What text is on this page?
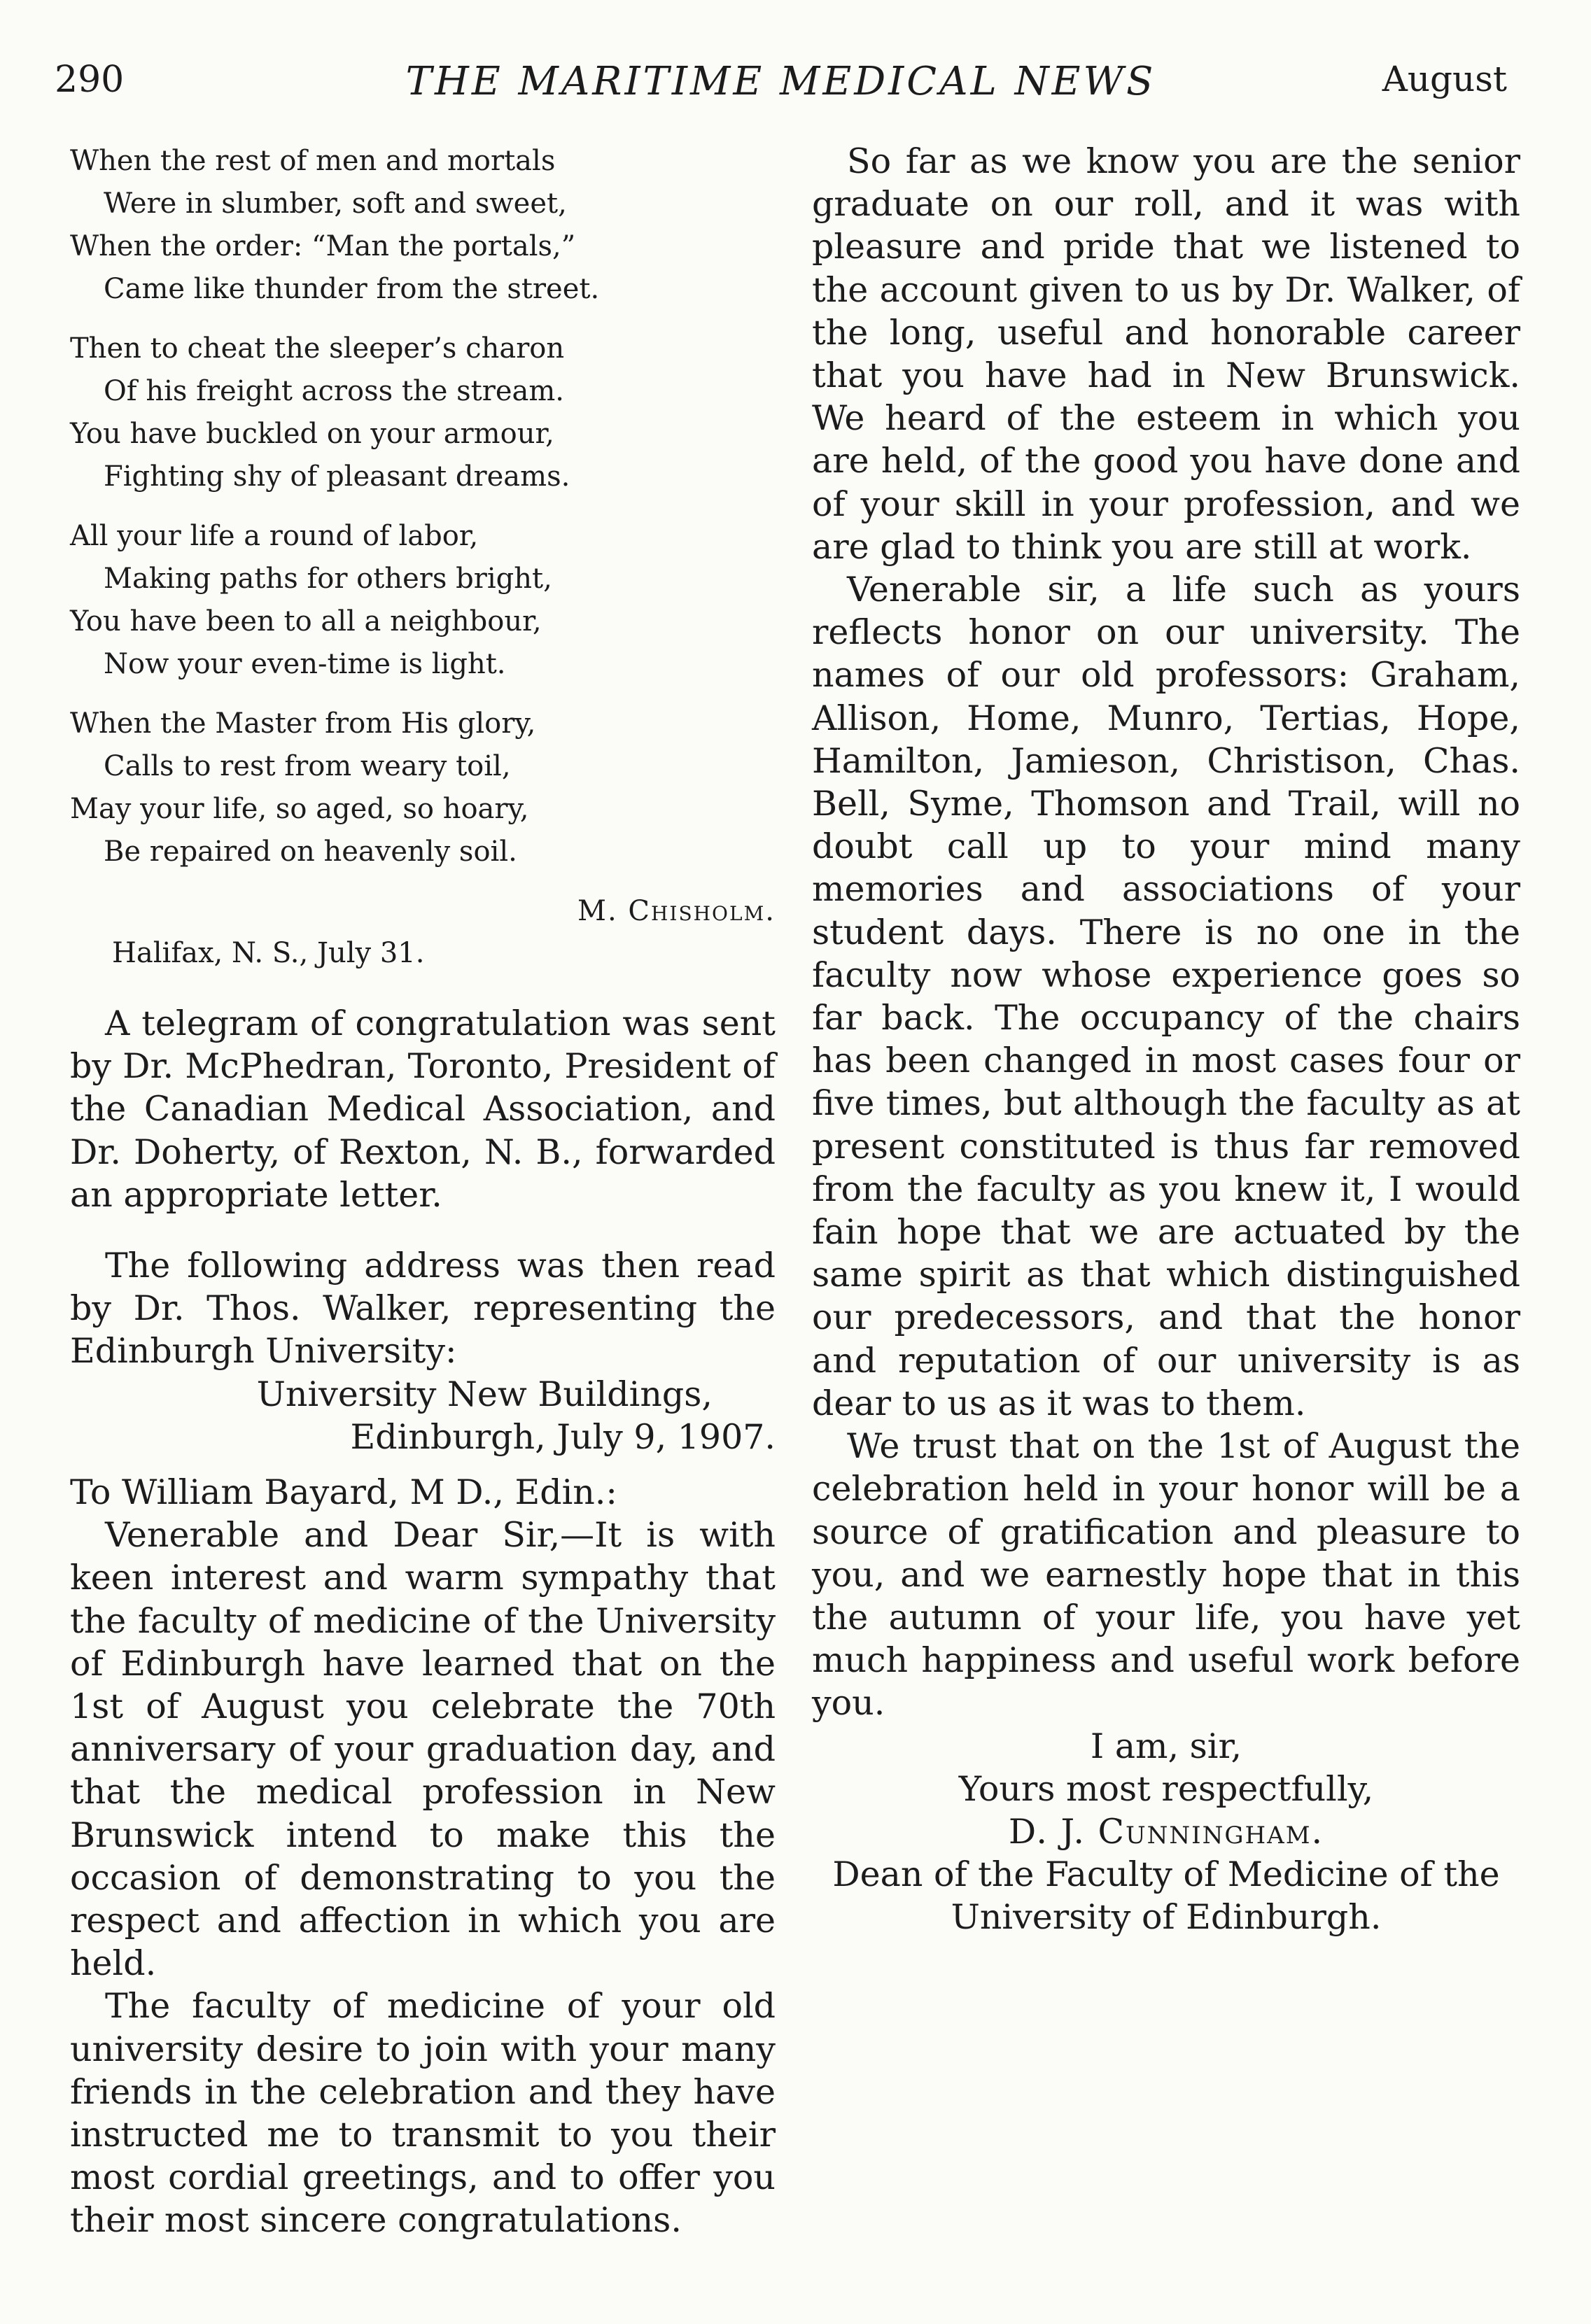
290	THE MARITIME MEDICAL NEWS	August
When the rest of men and mortals
Were in slumber, soft and sweet,
When the order: “Man the portals,”
Came like thunder from the street.
Then to cheat the sleeper’s charon
Of his freight across the stream.
You have buckled on your armour,
Fighting shy of pleasant dreams.
All your life a round of labor,
Making paths for others bright,
You have been to all a neighbour,
Now your even-time is light.
When the Master from His glory,
Calls to rest from weary toil,
May your life, so aged, so hoary,
Be repaired on heavenly soil.
M. Chisholm.
Halifax, N. S., July 31.

A telegram of congratulation was sent by Dr. McPhedran, Toronto, President of the Canadian Medical Association, and Dr. Doherty, of Rexton, N. B., forwarded an appropriate letter.

The following address was then read by Dr. Thos. Walker, representing the Edinburgh University:

University New Buildings,
Edinburgh, July 9, 1907.

To William Bayard, M D., Edin.:

Venerable and Dear Sir,—It is with keen interest and warm sympathy that the faculty of medicine of the University of Edinburgh have learned that on the 1st of August you celebrate the 70th anniversary of your graduation day, and that the medical profession in New Brunswick intend to make this the occasion of demonstrating to you the respect and affection in which you are held.

The faculty of medicine of your old university desire to join with your many friends in the celebration and they have instructed me to transmit to you their most cordial greetings, and to offer you their most sincere congratulations.

So far as we know you are the senior graduate on our roll, and it was with pleasure and pride that we listened to the account given to us by Dr. Walker, of the long, useful and honorable career that you have had in New Brunswick. We heard of the esteem in which you are held, of the good you have done and of your skill in your profession, and we are glad to think you are still at work.

Venerable sir, a life such as yours reflects honor on our university. The names of our old professors: Graham, Allison, Home, Munro, Tertias, Hope, Hamilton, Jamieson, Christison, Chas. Bell, Syme, Thomson and Trail, will no doubt call up to your mind many memories and associations of your student days. There is no one in the faculty now whose experience goes so far back. The occupancy of the chairs has been changed in most cases four or five times, but although the faculty as at present constituted is thus far removed from the faculty as you knew it, I would fain hope that we are actuated by the same spirit as that which distinguished our predecessors, and that the honor and reputation of our university is as dear to us as it was to them.

We trust that on the 1st of August the celebration held in your honor will be a source of gratification and pleasure to you, and we earnestly hope that in this the autumn of your life, you have yet much happiness and useful work before you.

I am, sir,
Yours most respectfully,
D. J. Cunningham.
Dean of the Faculty of Medicine of the University of Edinburgh.
